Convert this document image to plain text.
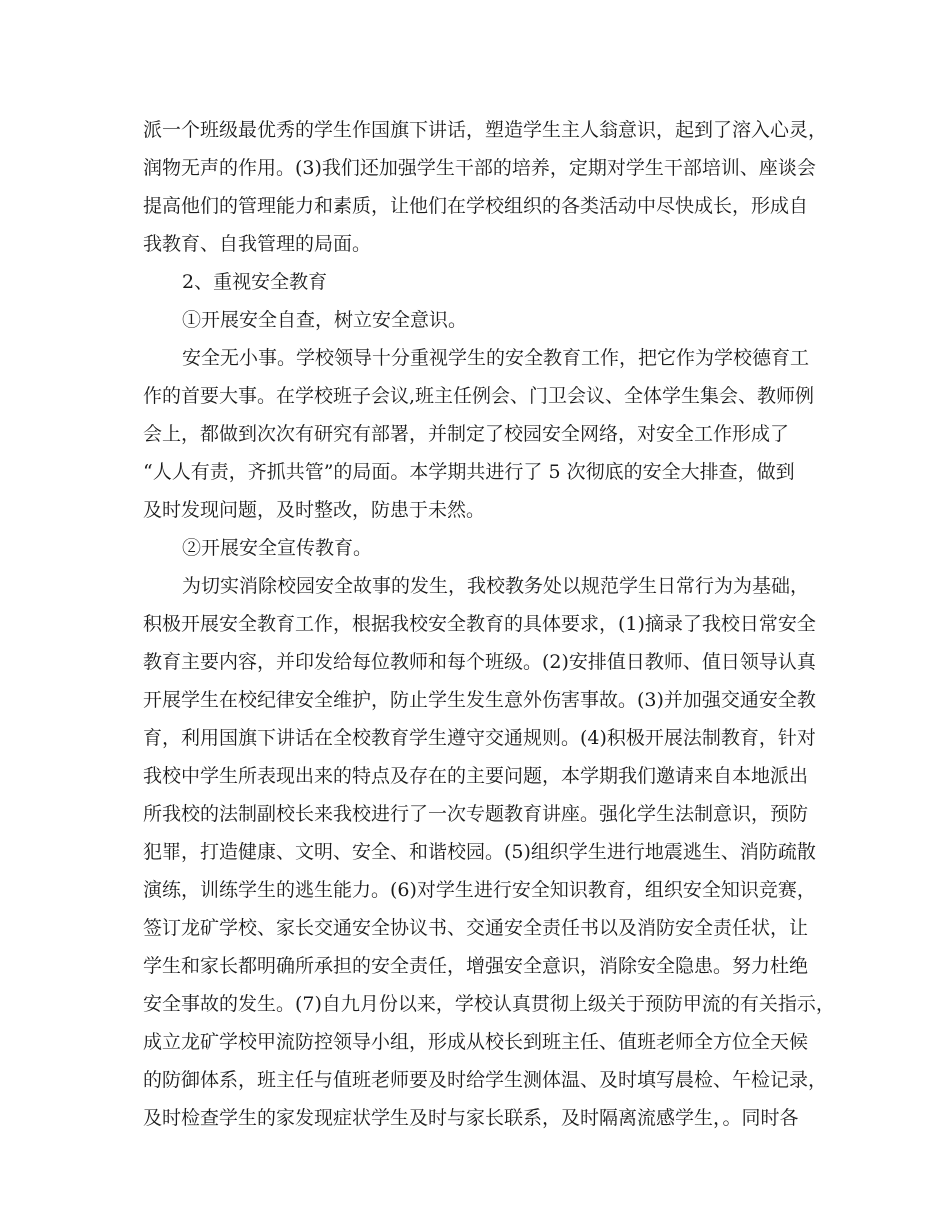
派一个班级最优秀的学生作国旗下讲话，塑造学生主人翁意识，起到了溶入心灵，

润物无声的作用。(3)我们还加强学生干部的培养，定期对学生干部培训、座谈会

提高他们的管理能力和素质，让他们在学校组织的各类活动中尽快成长，形成自

我教育、自我管理的局面。

2、重视安全教育

①开展安全自查，树立安全意识。

安全无小事。学校领导十分重视学生的安全教育工作，把它作为学校德育工

作的首要大事。在学校班子会议,班主任例会、门卫会议、全体学生集会、教师例

会上，都做到次次有研究有部署，并制定了校园安全网络，对安全工作形成了

“人人有责，齐抓共管”的局面。本学期共进行了 5 次彻底的安全大排查，做到

及时发现问题，及时整改，防患于未然。

②开展安全宣传教育。

为切实消除校园安全故事的发生，我校教务处以规范学生日常行为为基础，

积极开展安全教育工作，根据我校安全教育的具体要求，(1)摘录了我校日常安全

教育主要内容，并印发给每位教师和每个班级。(2)安排值日教师、值日领导认真

开展学生在校纪律安全维护，防止学生发生意外伤害事故。(3)并加强交通安全教

育，利用国旗下讲话在全校教育学生遵守交通规则。(4)积极开展法制教育，针对

我校中学生所表现出来的特点及存在的主要问题，本学期我们邀请来自本地派出

所我校的法制副校长来我校进行了一次专题教育讲座。强化学生法制意识，预防

犯罪，打造健康、文明、安全、和谐校园。(5)组织学生进行地震逃生、消防疏散

演练，训练学生的逃生能力。(6)对学生进行安全知识教育，组织安全知识竞赛，

签订龙矿学校、家长交通安全协议书、交通安全责任书以及消防安全责任状，让

学生和家长都明确所承担的安全责任，增强安全意识，消除安全隐患。努力杜绝

安全事故的发生。(7)自九月份以来，学校认真贯彻上级关于预防甲流的有关指示，

成立龙矿学校甲流防控领导小组，形成从校长到班主任、值班老师全方位全天候

的防御体系，班主任与值班老师要及时给学生测体温、及时填写晨检、午检记录，

及时检查学生的家发现症状学生及时与家长联系，及时隔离流感学生，。同时各
